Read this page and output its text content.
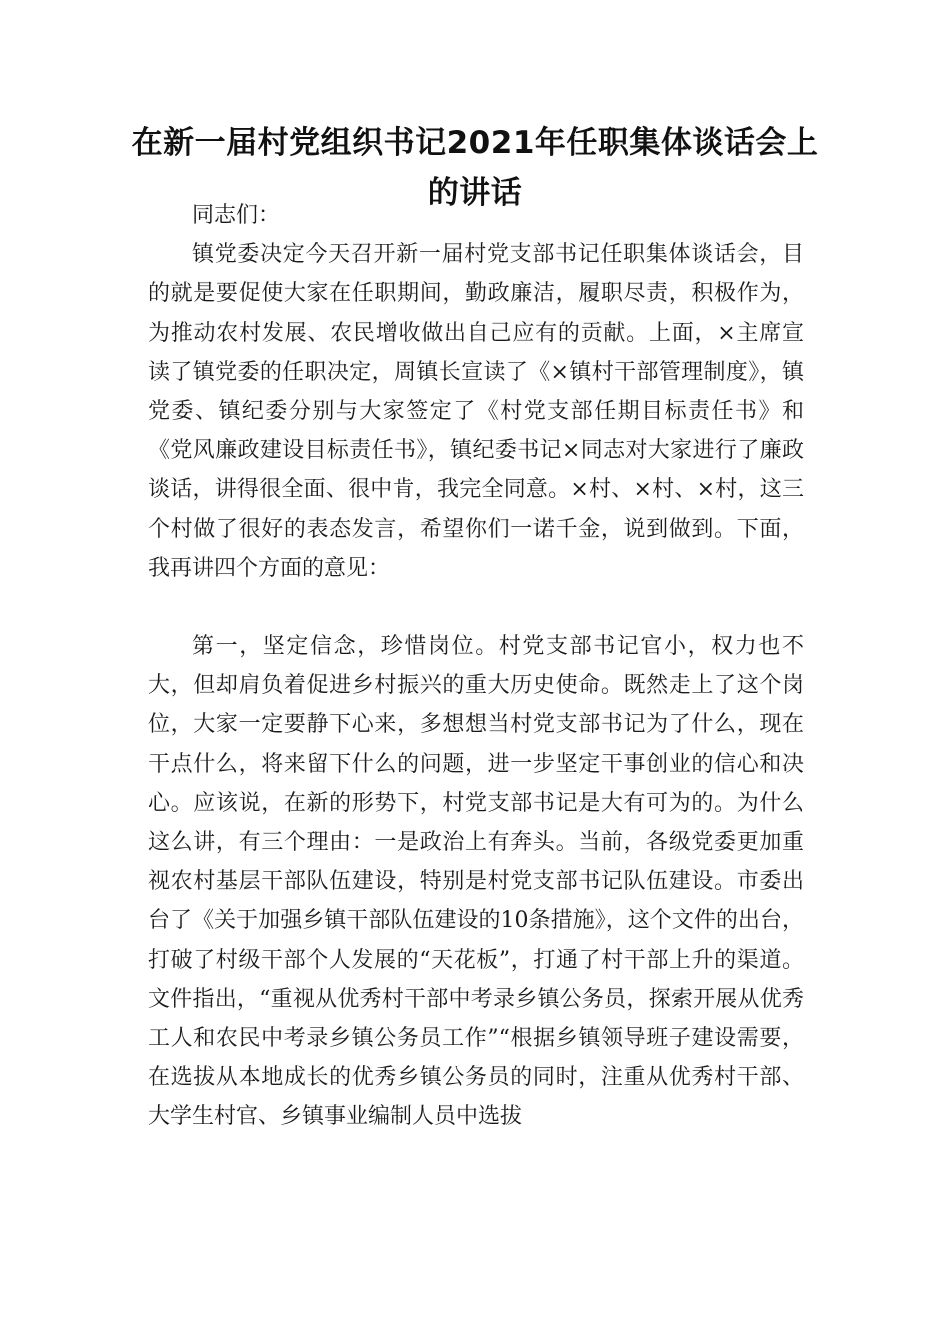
在新一届村党组织书记2021年任职集体谈话会上的讲话

同志们：

镇党委决定今天召开新一届村党支部书记任职集体谈话会，目的就是要促使大家在任职期间，勤政廉洁，履职尽责，积极作为，为推动农村发展、农民增收做出自己应有的贡献。上面，×主席宣读了镇党委的任职决定，周镇长宣读了《×镇村干部管理制度》，镇党委、镇纪委分别与大家签定了《村党支部任期目标责任书》和《党风廉政建设目标责任书》，镇纪委书记×同志对大家进行了廉政谈话，讲得很全面、很中肯，我完全同意。×村、×村、×村，这三个村做了很好的表态发言，希望你们一诺千金，说到做到。下面，我再讲四个方面的意见：

第一，坚定信念，珍惜岗位。村党支部书记官小，权力也不大，但却肩负着促进乡村振兴的重大历史使命。既然走上了这个岗位，大家一定要静下心来，多想想当村党支部书记为了什么，现在干点什么，将来留下什么的问题，进一步坚定干事创业的信心和决心。应该说，在新的形势下，村党支部书记是大有可为的。为什么这么讲，有三个理由：一是政治上有奔头。当前，各级党委更加重视农村基层干部队伍建设，特别是村党支部书记队伍建设。市委出台了《关于加强乡镇干部队伍建设的10条措施》，这个文件的出台，打破了村级干部个人发展的“天花板”，打通了村干部上升的渠道。文件指出，“重视从优秀村干部中考录乡镇公务员，探索开展从优秀工人和农民中考录乡镇公务员工作”“根据乡镇领导班子建设需要，在选拔从本地成长的优秀乡镇公务员的同时，注重从优秀村干部、大学生村官、乡镇事业编制人员中选拔
